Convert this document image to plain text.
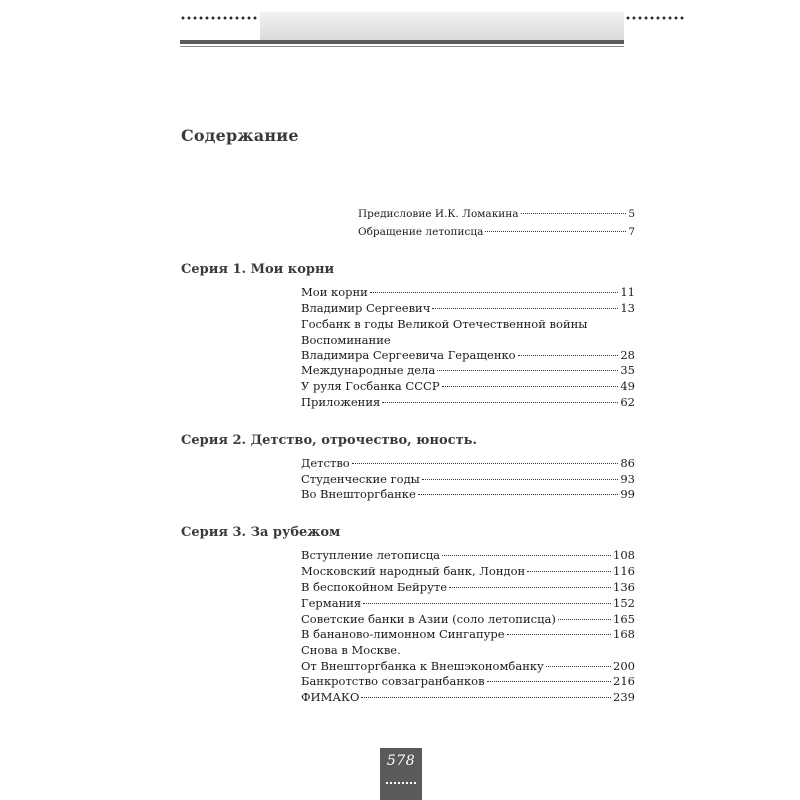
Содержание
Предисловие И.К. Ломакина	5
Обращение летописца	7
Серия 1. Мои корни
Мои корни	11
Владимир Сергеевич	13
Госбанк в годы Великой Отечественной войны
Воспоминание
Владимира Сергеевича Геращенко	28
Международные дела	35
У руля Госбанка СССР	49
Приложения	62
Серия 2. Детство, отрочество, юность.
Детство	86
Студенческие годы	93
Во Внешторгбанке	99
Серия 3. За рубежом
Вступление летописца	108
Московский народный банк, Лондон	116
В беспокойном Бейруте	136
Германия	152
Советские банки в Азии (соло летописца)	165
В бананово-лимонном Сингапуре	168
Снова в Москве.
От Внешторгбанка к Внешэкономбанку	200
Банкротство совзагранбанков	216
ФИМАКО	239
578
